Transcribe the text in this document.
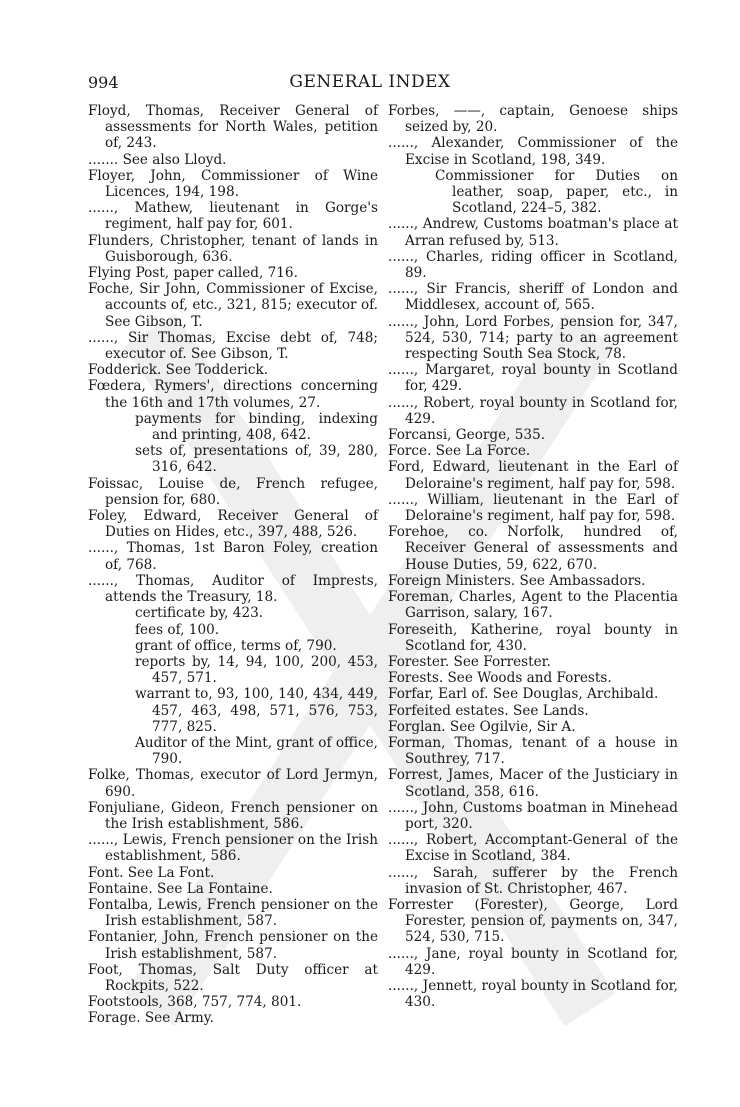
994	GENERAL INDEX

Floyd, Thomas, Receiver General of assessments for North Wales, petition of, 243.

....... See also Lloyd.

Floyer, John, Commissioner of Wine Licences, 194, 198.

......, Mathew, lieutenant in Gorge's regiment, half pay for, 601.

Flunders, Christopher, tenant of lands in Guisborough, 636.

Flying Post, paper called, 716.

Foche, Sir John, Commissioner of Excise, accounts of, etc., 321, 815; executor of. See Gibson, T.

......, Sir Thomas, Excise debt of, 748; executor of. See Gibson, T.

Fodderick. See Todderick.

Fœdera, Rymers', directions concerning the 16th and 17th volumes, 27.

payments for binding, indexing and printing, 408, 642.

sets of, presentations of, 39, 280, 316, 642.

Foissac, Louise de, French refugee, pension for, 680.

Foley, Edward, Receiver General of Duties on Hides, etc., 397, 488, 526.

......, Thomas, 1st Baron Foley, creation of, 768.

......, Thomas, Auditor of Imprests, attends the Treasury, 18.

certificate by, 423.

fees of, 100.

grant of office, terms of, 790.

reports by, 14, 94, 100, 200, 453, 457, 571.

warrant to, 93, 100, 140, 434, 449, 457, 463, 498, 571, 576, 753, 777, 825.

Auditor of the Mint, grant of office, 790.

Folke, Thomas, executor of Lord Jermyn, 690.

Fonjuliane, Gideon, French pensioner on the Irish establishment, 586.

......, Lewis, French pensioner on the Irish establishment, 586.

Font. See La Font.

Fontaine. See La Fontaine.

Fontalba, Lewis, French pensioner on the Irish establishment, 587.

Fontanier, John, French pensioner on the Irish establishment, 587.

Foot, Thomas, Salt Duty officer at Rockpits, 522.

Footstools, 368, 757, 774, 801.

Forage. See Army.

Forbes, ——, captain, Genoese ships seized by, 20.

......, Alexander, Commissioner of the Excise in Scotland, 198, 349.

Commissioner for Duties on leather, soap, paper, etc., in Scotland, 224–5, 382.

......, Andrew, Customs boatman's place at Arran refused by, 513.

......, Charles, riding officer in Scotland, 89.

......, Sir Francis, sheriff of London and Middlesex, account of, 565.

......, John, Lord Forbes, pension for, 347, 524, 530, 714; party to an agreement respecting South Sea Stock, 78.

......, Margaret, royal bounty in Scotland for, 429.

......, Robert, royal bounty in Scotland for, 429.

Forcansi, George, 535.

Force. See La Force.

Ford, Edward, lieutenant in the Earl of Deloraine's regiment, half pay for, 598.

......, William, lieutenant in the Earl of Deloraine's regiment, half pay for, 598.

Forehoe, co. Norfolk, hundred of, Receiver General of assessments and House Duties, 59, 622, 670.

Foreign Ministers. See Ambassadors.

Foreman, Charles, Agent to the Placentia Garrison, salary, 167.

Foreseith, Katherine, royal bounty in Scotland for, 430.

Forester. See Forrester.

Forests. See Woods and Forests.

Forfar, Earl of. See Douglas, Archibald.

Forfeited estates. See Lands.

Forglan. See Ogilvie, Sir A.

Forman, Thomas, tenant of a house in Southrey, 717.

Forrest, James, Macer of the Justiciary in Scotland, 358, 616.

......, John, Customs boatman in Minehead port, 320.

......, Robert, Accomptant-General of the Excise in Scotland, 384.

......, Sarah, sufferer by the French invasion of St. Christopher, 467.

Forrester (Forester), George, Lord Forester, pension of, payments on, 347, 524, 530, 715.

......, Jane, royal bounty in Scotland for, 429.

......, Jennett, royal bounty in Scotland for, 430.
